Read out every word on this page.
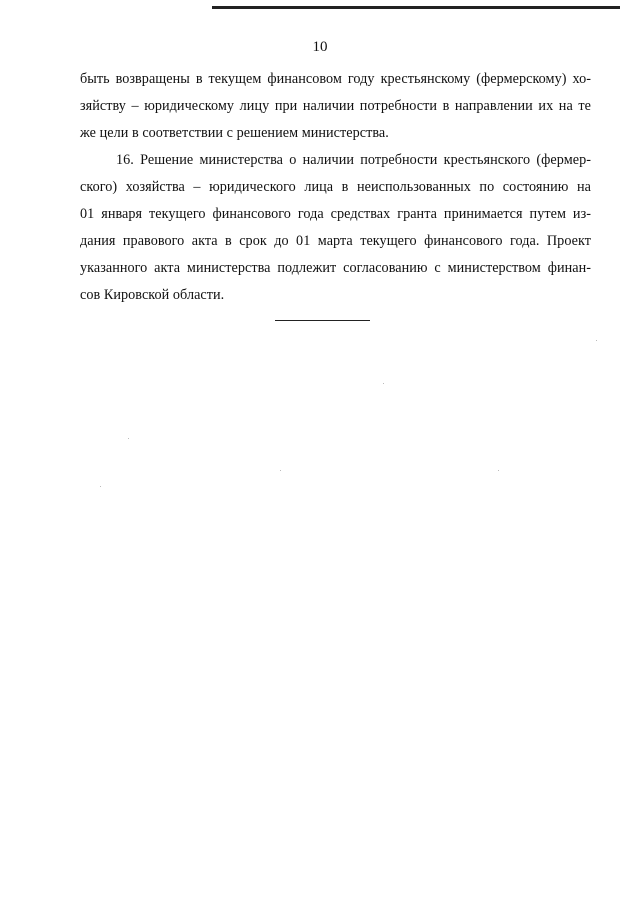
10
быть возвращены в текущем финансовом году крестьянскому (фермерскому) хо-
зяйству – юридическому лицу при наличии потребности в направлении их на те
же цели в соответствии с решением министерства.
16. Решение министерства о наличии потребности крестьянского (фермер-
ского) хозяйства – юридического лица в неиспользованных по состоянию на
01 января текущего финансового года средствах гранта принимается путем из-
дания правового акта в срок до 01 марта текущего финансового года. Проект
указанного акта министерства подлежит согласованию с министерством финан-
сов Кировской области.
